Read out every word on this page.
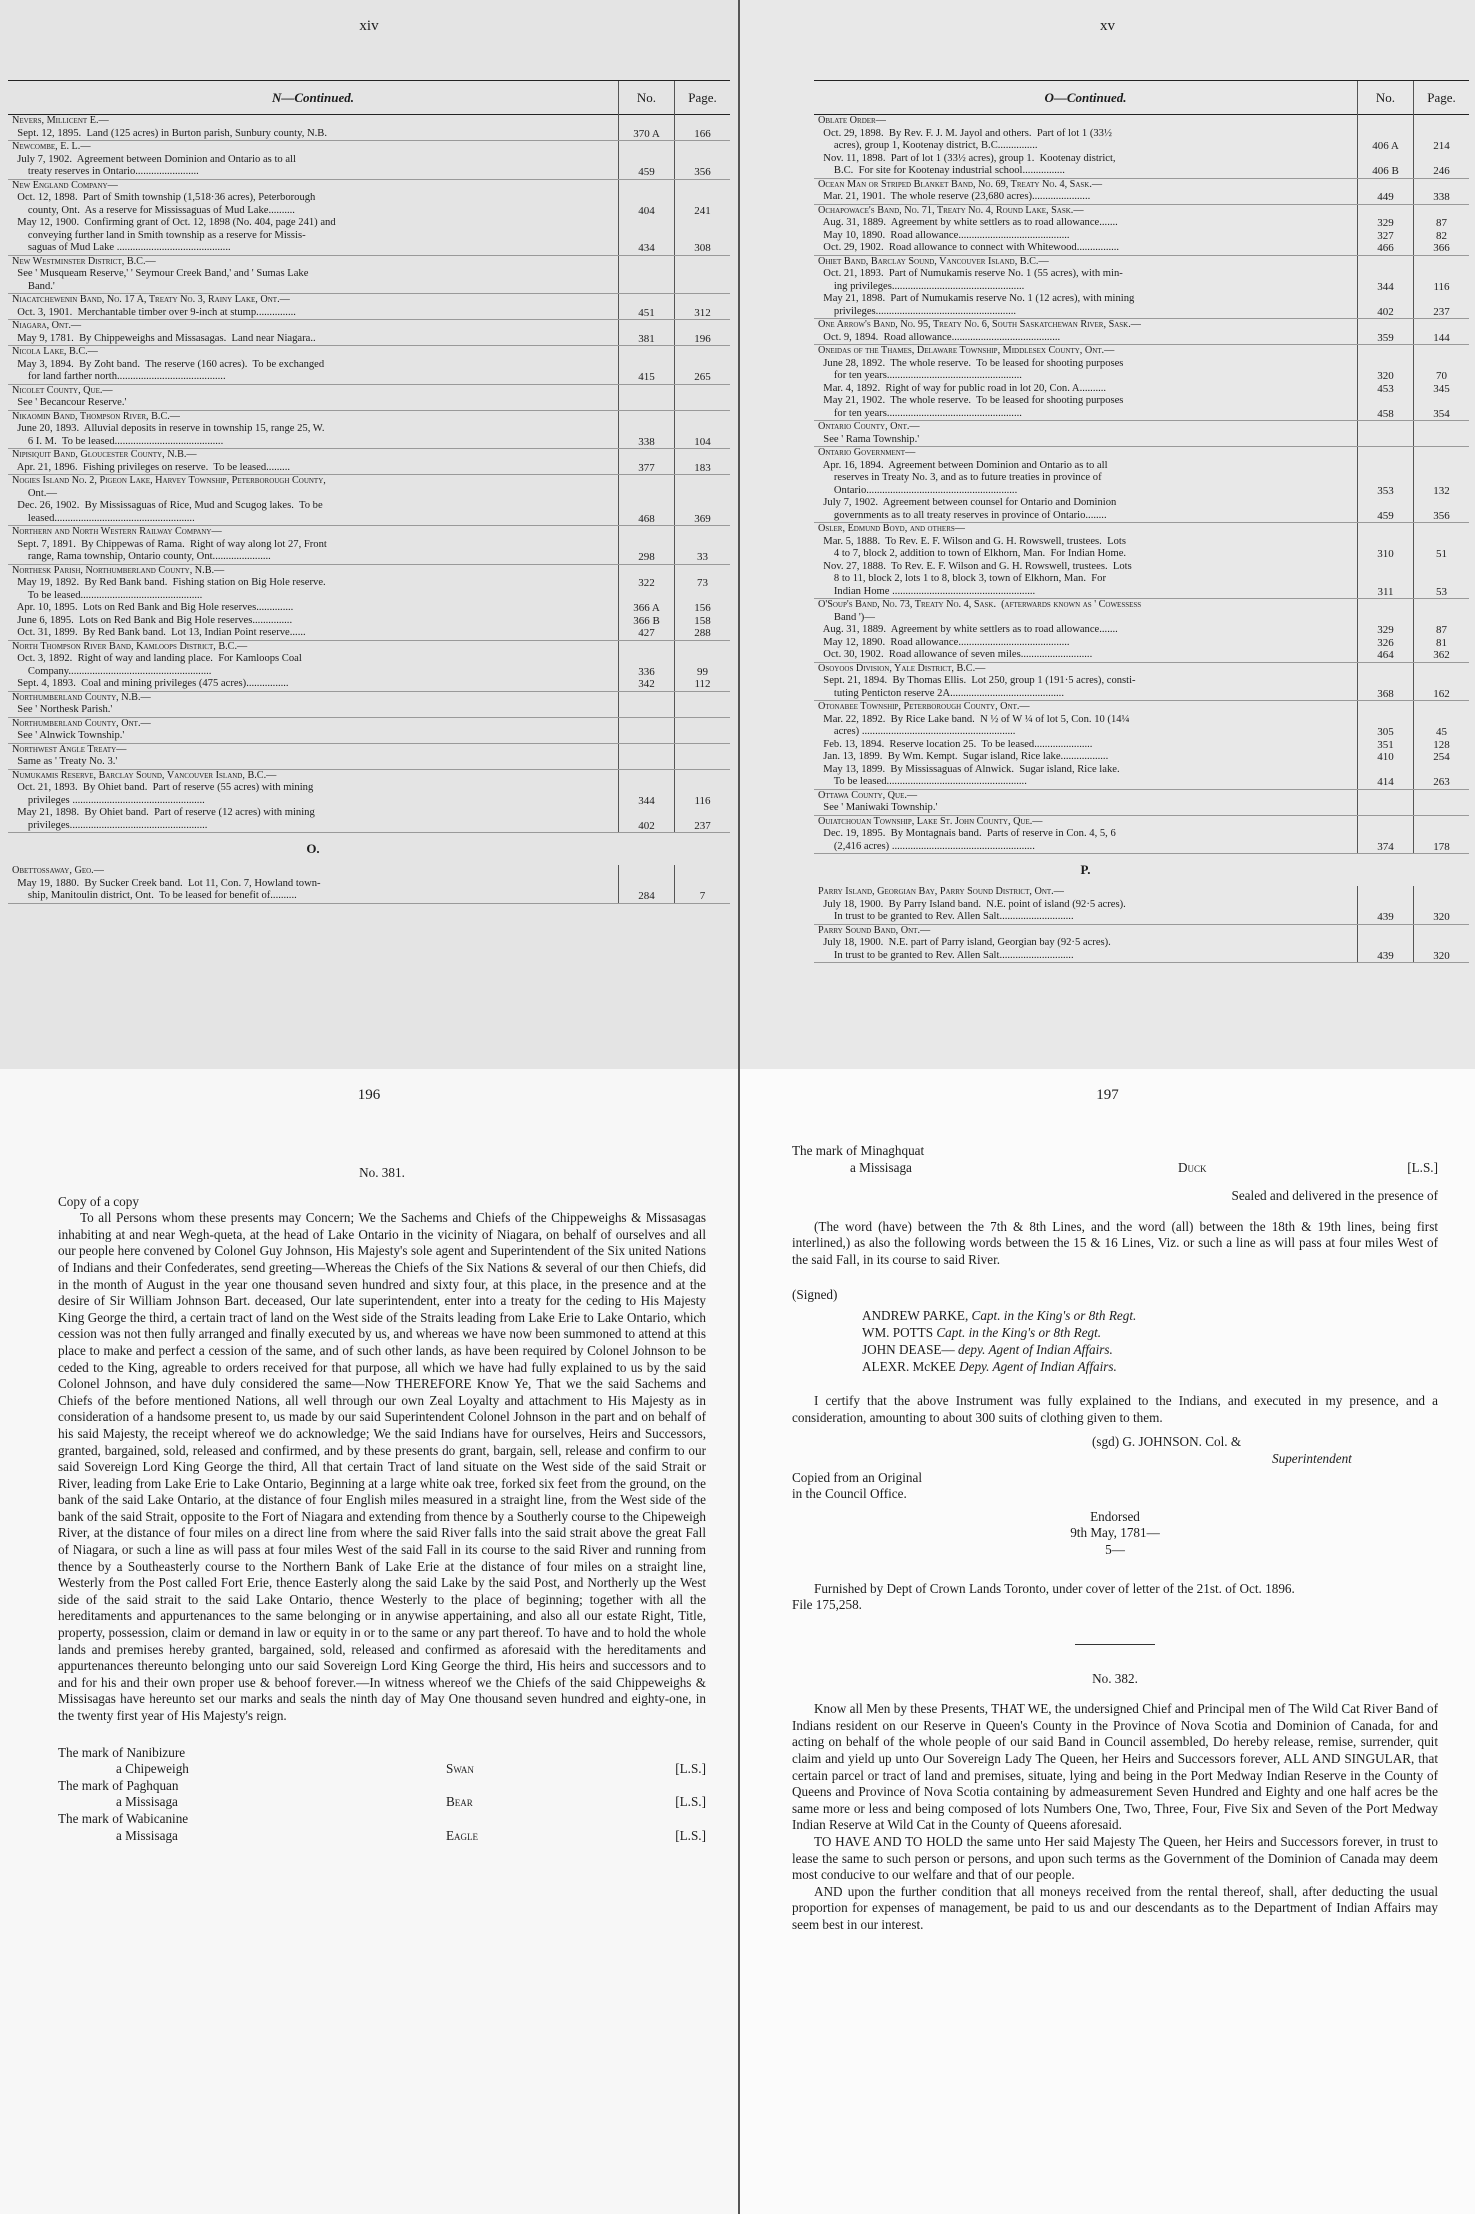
xiv
N—Continued.	No.	Page.
Nevers, Millicent E.—
Sept. 12, 1895.  Land (125 acres) in Burton parish, Sunbury county, N.B.	370 A	166
Newcombe, E. L.—
July 7, 1902.  Agreement between Dominion and Ontario as to all
treaty reserves in Ontario........................	459	356
New England Company—
Oct. 12, 1898.  Part of Smith township (1,518·36 acres), Peterborough
county, Ont.  As a reserve for Mississaguas of Mud Lake..........	404	241
May 12, 1900.  Confirming grant of Oct. 12, 1898 (No. 404, page 241) and
conveying further land in Smith township as a reserve for Missis-
saguas of Mud Lake ...........................................	434	308
New Westminster District, B.C.—
See ' Musqueam Reserve,' ' Seymour Creek Band,' and ' Sumas Lake
Band.'
Niacatchewenin Band, No. 17 A, Treaty No. 3, Rainy Lake, Ont.—
Oct. 3, 1901.  Merchantable timber over 9-inch at stump...............	451	312
Niagara, Ont.—
May 9, 1781.  By Chippeweighs and Missasagas.  Land near Niagara..	381	196
Nicola Lake, B.C.—
May 3, 1894.  By Zoht band.  The reserve (160 acres).  To be exchanged
for land farther north.........................................	415	265
Nicolet County, Que.—
See ' Becancour Reserve.'
Nikaomin Band, Thompson River, B.C.—
June 20, 1893.  Alluvial deposits in reserve in township 15, range 25, W.
6 I. M.  To be leased.........................................	338	104
Nipisiquit Band, Gloucester County, N.B.—
Apr. 21, 1896.  Fishing privileges on reserve.  To be leased.........	377	183
Nogies Island No. 2, Pigeon Lake, Harvey Township, Peterborough County,
Ont.—
Dec. 26, 1902.  By Mississaguas of Rice, Mud and Scugog lakes.  To be
leased.....................................................	468	369
Northern and North Western Railway Company—
Sept. 7, 1891.  By Chippewas of Rama.  Right of way along lot 27, Front
range, Rama township, Ontario county, Ont......................	298	33
Northesk Parish, Northumberland County, N.B.—
May 19, 1892.  By Red Bank band.  Fishing station on Big Hole reserve.	322	73
To be leased..............................................
Apr. 10, 1895.  Lots on Red Bank and Big Hole reserves..............	366 A	156
June 6, 1895.  Lots on Red Bank and Big Hole reserves...............	366 B	158
Oct. 31, 1899.  By Red Bank band.  Lot 13, Indian Point reserve......	427	288
North Thompson River Band, Kamloops District, B.C.—
Oct. 3, 1892.  Right of way and landing place.  For Kamloops Coal
Company......................................................	336	99
Sept. 4, 1893.  Coal and mining privileges (475 acres)................	342	112
Northumberland County, N.B.—
See ' Northesk Parish.'
Northumberland County, Ont.—
See ' Alnwick Township.'
Northwest Angle Treaty—
Same as ' Treaty No. 3.'
Numukamis Reserve, Barclay Sound, Vancouver Island, B.C.—
Oct. 21, 1893.  By Ohiet band.  Part of reserve (55 acres) with mining
privileges ..................................................	344	116
May 21, 1898.  By Ohiet band.  Part of reserve (12 acres) with mining
privileges....................................................	402	237
O.
Obettossaway, Geo.—
May 19, 1880.  By Sucker Creek band.  Lot 11, Con. 7, Howland town-
ship, Manitoulin district, Ont.  To be leased for benefit of..........	284	7
xv
O—Continued.	No.	Page.
Oblate Order—
Oct. 29, 1898.  By Rev. F. J. M. Jayol and others.  Part of lot 1 (33½
acres), group 1, Kootenay district, B.C...............	406 A	214
Nov. 11, 1898.  Part of lot 1 (33½ acres), group 1.  Kootenay district,
B.C.  For site for Kootenay industrial school................	406 B	246
Ocean Man or Striped Blanket Band, No. 69, Treaty No. 4, Sask.—
Mar. 21, 1901.  The whole reserve (23,680 acres)......................	449	338
Ochapowace's Band, No. 71, Treaty No. 4, Round Lake, Sask.—
Aug. 31, 1889.  Agreement by white settlers as to road allowance.......	329	87
May 10, 1890.  Road allowance..........................................	327	82
Oct. 29, 1902.  Road allowance to connect with Whitewood................	466	366
Ohiet Band, Barclay Sound, Vancouver Island, B.C.—
Oct. 21, 1893.  Part of Numukamis reserve No. 1 (55 acres), with min-
ing privileges..................................................	344	116
May 21, 1898.  Part of Numukamis reserve No. 1 (12 acres), with mining
privileges.....................................................	402	237
One Arrow's Band, No. 95, Treaty No. 6, South Saskatchewan River, Sask.—
Oct. 9, 1894.  Road allowance.........................................	359	144
Oneidas of the Thames, Delaware Township, Middlesex County, Ont.—
June 28, 1892.  The whole reserve.  To be leased for shooting purposes
for ten years...................................................	320	70
Mar. 4, 1892.  Right of way for public road in lot 20, Con. A..........	453	345
May 21, 1902.  The whole reserve.  To be leased for shooting purposes
for ten years...................................................	458	354
Ontario County, Ont.—
See ' Rama Township.'
Ontario Government—
Apr. 16, 1894.  Agreement between Dominion and Ontario as to all
reserves in Treaty No. 3, and as to future treaties in province of
Ontario.........................................................	353	132
July 7, 1902.  Agreement between counsel for Ontario and Dominion
governments as to all treaty reserves in province of Ontario........	459	356
Osler, Edmund Boyd, and others—
Mar. 5, 1888.  To Rev. E. F. Wilson and G. H. Rowswell, trustees.  Lots
4 to 7, block 2, addition to town of Elkhorn, Man.  For Indian Home.	310	51
Nov. 27, 1888.  To Rev. E. F. Wilson and G. H. Rowswell, trustees.  Lots
8 to 11, block 2, lots 1 to 8, block 3, town of Elkhorn, Man.  For
Indian Home ......................................................	311	53
O'Soup's Band, No. 73, Treaty No. 4, Sask.  (afterwards known as ' Cowessess
Band ')—
Aug. 31, 1889.  Agreement by white settlers as to road allowance.......	329	87
May 12, 1890.  Road allowance..........................................	326	81
Oct. 30, 1902.  Road allowance of seven miles...........................	464	362
Osoyoos Division, Yale District, B.C.—
Sept. 21, 1894.  By Thomas Ellis.  Lot 250, group 1 (191·5 acres), consti-
tuting Penticton reserve 2A...........................................	368	162
Otonabee Township, Peterborough County, Ont.—
Mar. 22, 1892.  By Rice Lake band.  N ½ of W ¼ of lot 5, Con. 10 (14¼
acres) ..........................................................	305	45
Feb. 13, 1894.  Reserve location 25.  To be leased......................	351	128
Jan. 13, 1899.  By Wm. Kempt.  Sugar island, Rice lake..................	410	254
May 13, 1899.  By Mississaguas of Alnwick.  Sugar island, Rice lake.
To be leased.....................................................	414	263
Ottawa County, Que.—
See ' Maniwaki Township.'
Ouiatchouan Township, Lake St. John County, Que.—
Dec. 19, 1895.  By Montagnais band.  Parts of reserve in Con. 4, 5, 6
(2,416 acres) ......................................................	374	178
P.
Parry Island, Georgian Bay, Parry Sound District, Ont.—
July 18, 1900.  By Parry Island band.  N.E. point of island (92·5 acres).
In trust to be granted to Rev. Allen Salt............................	439	320
Parry Sound Band, Ont.—
July 18, 1900.  N.E. part of Parry island, Georgian bay (92·5 acres).
In trust to be granted to Rev. Allen Salt............................	439	320
196
No. 381.
Copy of a copy

To all Persons whom these presents may Concern; We the Sachems and Chiefs of the Chippeweighs & Missasagas inhabiting at and near Wegh-queta, at the head of Lake Ontario in the vicinity of Niagara, on behalf of ourselves and all our people here convened by Colonel Guy Johnson, His Majesty's sole agent and Superintendent of the Six united Nations of Indians and their Confederates, send greeting—Whereas the Chiefs of the Six Nations & several of our then Chiefs, did in the month of August in the year one thousand seven hundred and sixty four, at this place, in the presence and at the desire of Sir William Johnson Bart. deceased, Our late superintendent, enter into a treaty for the ceding to His Majesty King George the third, a certain tract of land on the West side of the Straits leading from Lake Erie to Lake Ontario, which cession was not then fully arranged and finally executed by us, and whereas we have now been summoned to attend at this place to make and perfect a cession of the same, and of such other lands, as have been required by Colonel Johnson to be ceded to the King, agreable to orders received for that purpose, all which we have had fully explained to us by the said Colonel Johnson, and have duly considered the same—Now THEREFORE Know Ye, That we the said Sachems and Chiefs of the before mentioned Nations, all well through our own Zeal Loyalty and attachment to His Majesty as in consideration of a handsome present to, us made by our said Superintendent Colonel Johnson in the part and on behalf of his said Majesty, the receipt whereof we do acknowledge; We the said Indians have for ourselves, Heirs and Successors, granted, bargained, sold, released and confirmed, and by these presents do grant, bargain, sell, release and confirm to our said Sovereign Lord King George the third, All that certain Tract of land situate on the West side of the said Strait or River, leading from Lake Erie to Lake Ontario, Beginning at a large white oak tree, forked six feet from the ground, on the bank of the said Lake Ontario, at the distance of four English miles measured in a straight line, from the West side of the bank of the said Strait, opposite to the Fort of Niagara and extending from thence by a Southerly course to the Chipeweigh River, at the distance of four miles on a direct line from where the said River falls into the said strait above the great Fall of Niagara, or such a line as will pass at four miles West of the said Fall in its course to the said River and running from thence by a Southeasterly course to the Northern Bank of Lake Erie at the distance of four miles on a straight line, Westerly from the Post called Fort Erie, thence Easterly along the said Lake by the said Post, and Northerly up the West side of the said strait to the said Lake Ontario, thence Westerly to the place of beginning; together with all the hereditaments and appurtenances to the same belonging or in anywise appertaining, and also all our estate Right, Title, property, possession, claim or demand in law or equity in or to the same or any part thereof. To have and to hold the whole lands and premises hereby granted, bargained, sold, released and confirmed as aforesaid with the hereditaments and appurtenances thereunto belonging unto our said Sovereign Lord King George the third, His heirs and successors and to and for his and their own proper use & behoof forever.—In witness whereof we the Chiefs of the said Chippeweighs & Missisagas have hereunto set our marks and seals the ninth day of May One thousand seven hundred and eighty-one, in the twenty first year of His Majesty's reign.

The mark of Nanibizure
a Chipeweigh	Swan	[L.S.]
The mark of Paghquan
a Missisaga	Bear	[L.S.]
The mark of Wabicanine
a Missisaga	Eagle	[L.S.]
197
The mark of Minaghquat
a Missisaga	Duck	[L.S.]
Sealed and delivered in the presence of

(The word (have) between the 7th & 8th Lines, and the word (all) between the 18th & 19th lines, being first interlined,) as also the following words between the 15 & 16 Lines, Viz. or such a line as will pass at four miles West of the said Fall, in its course to said River.

(Signed)
ANDREW PARKE, Capt. in the King's or 8th Regt.
WM. POTTS Capt. in the King's or 8th Regt.
JOHN DEASE— depy. Agent of Indian Affairs.
ALEXR. McKEE Depy. Agent of Indian Affairs.

I certify that the above Instrument was fully explained to the Indians, and executed in my presence, and a consideration, amounting to about 300 suits of clothing given to them.

(sgd) G. JOHNSON. Col. &
Superintendent
Copied from an Original
in the Council Office.
Endorsed
9th May, 1781—
5—

Furnished by Dept of Crown Lands Toronto, under cover of letter of the 21st. of Oct. 1896.

File 175,258.
No. 382.

Know all Men by these Presents, THAT WE, the undersigned Chief and Principal men of The Wild Cat River Band of Indians resident on our Reserve in Queen's County in the Province of Nova Scotia and Dominion of Canada, for and acting on behalf of the whole people of our said Band in Council assembled, Do hereby release, remise, surrender, quit claim and yield up unto Our Sovereign Lady The Queen, her Heirs and Successors forever, ALL AND SINGULAR, that certain parcel or tract of land and premises, situate, lying and being in the Port Medway Indian Reserve in the County of Queens and Province of Nova Scotia containing by admeasurement Seven Hundred and Eighty and one half acres be the same more or less and being composed of lots Numbers One, Two, Three, Four, Five Six and Seven of the Port Medway Indian Reserve at Wild Cat in the County of Queens aforesaid.

TO HAVE AND TO HOLD the same unto Her said Majesty The Queen, her Heirs and Successors forever, in trust to lease the same to such person or persons, and upon such terms as the Government of the Dominion of Canada may deem most conducive to our welfare and that of our people.

AND upon the further condition that all moneys received from the rental thereof, shall, after deducting the usual proportion for expenses of management, be paid to us and our descendants as to the Department of Indian Affairs may seem best in our interest.
